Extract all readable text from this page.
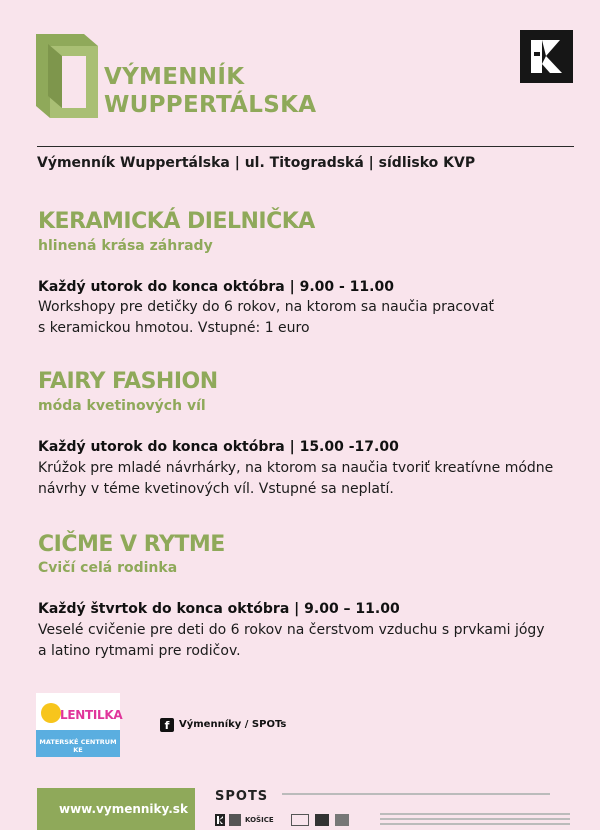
VÝMENNÍK
WUPPERTÁLSKA
Výmenník Wuppertálska | ul. Titogradská | sídlisko KVP
KERAMICKÁ DIELNIČKA
hlinená krása záhrady
Každý utorok do konca októbra | 9.00 - 11.00
Workshopy pre detičky do 6 rokov, na ktorom sa naučia pracovať
s keramickou hmotou. Vstupné: 1 euro
FAIRY FASHION
móda kvetinových víl
Každý utorok do konca októbra | 15.00 -17.00
Krúžok pre mladé návrhárky, na ktorom sa naučia tvoriť kreatívne módne
návrhy v téme kvetinových víl. Vstupné sa neplatí.
CIČME V RYTME
Cvičí celá rodinka
Každý štvrtok do konca októbra | 9.00 – 11.00
Veselé cvičenie pre deti do 6 rokov na čerstvom vzduchu s prvkami jógy
a latino rytmami pre rodičov.
LENTILKA
MATERSKÉ CENTRUM KE
f Výmenníky / SPOTs
www.vymenniky.sk
SPOTS
KOŠICE
